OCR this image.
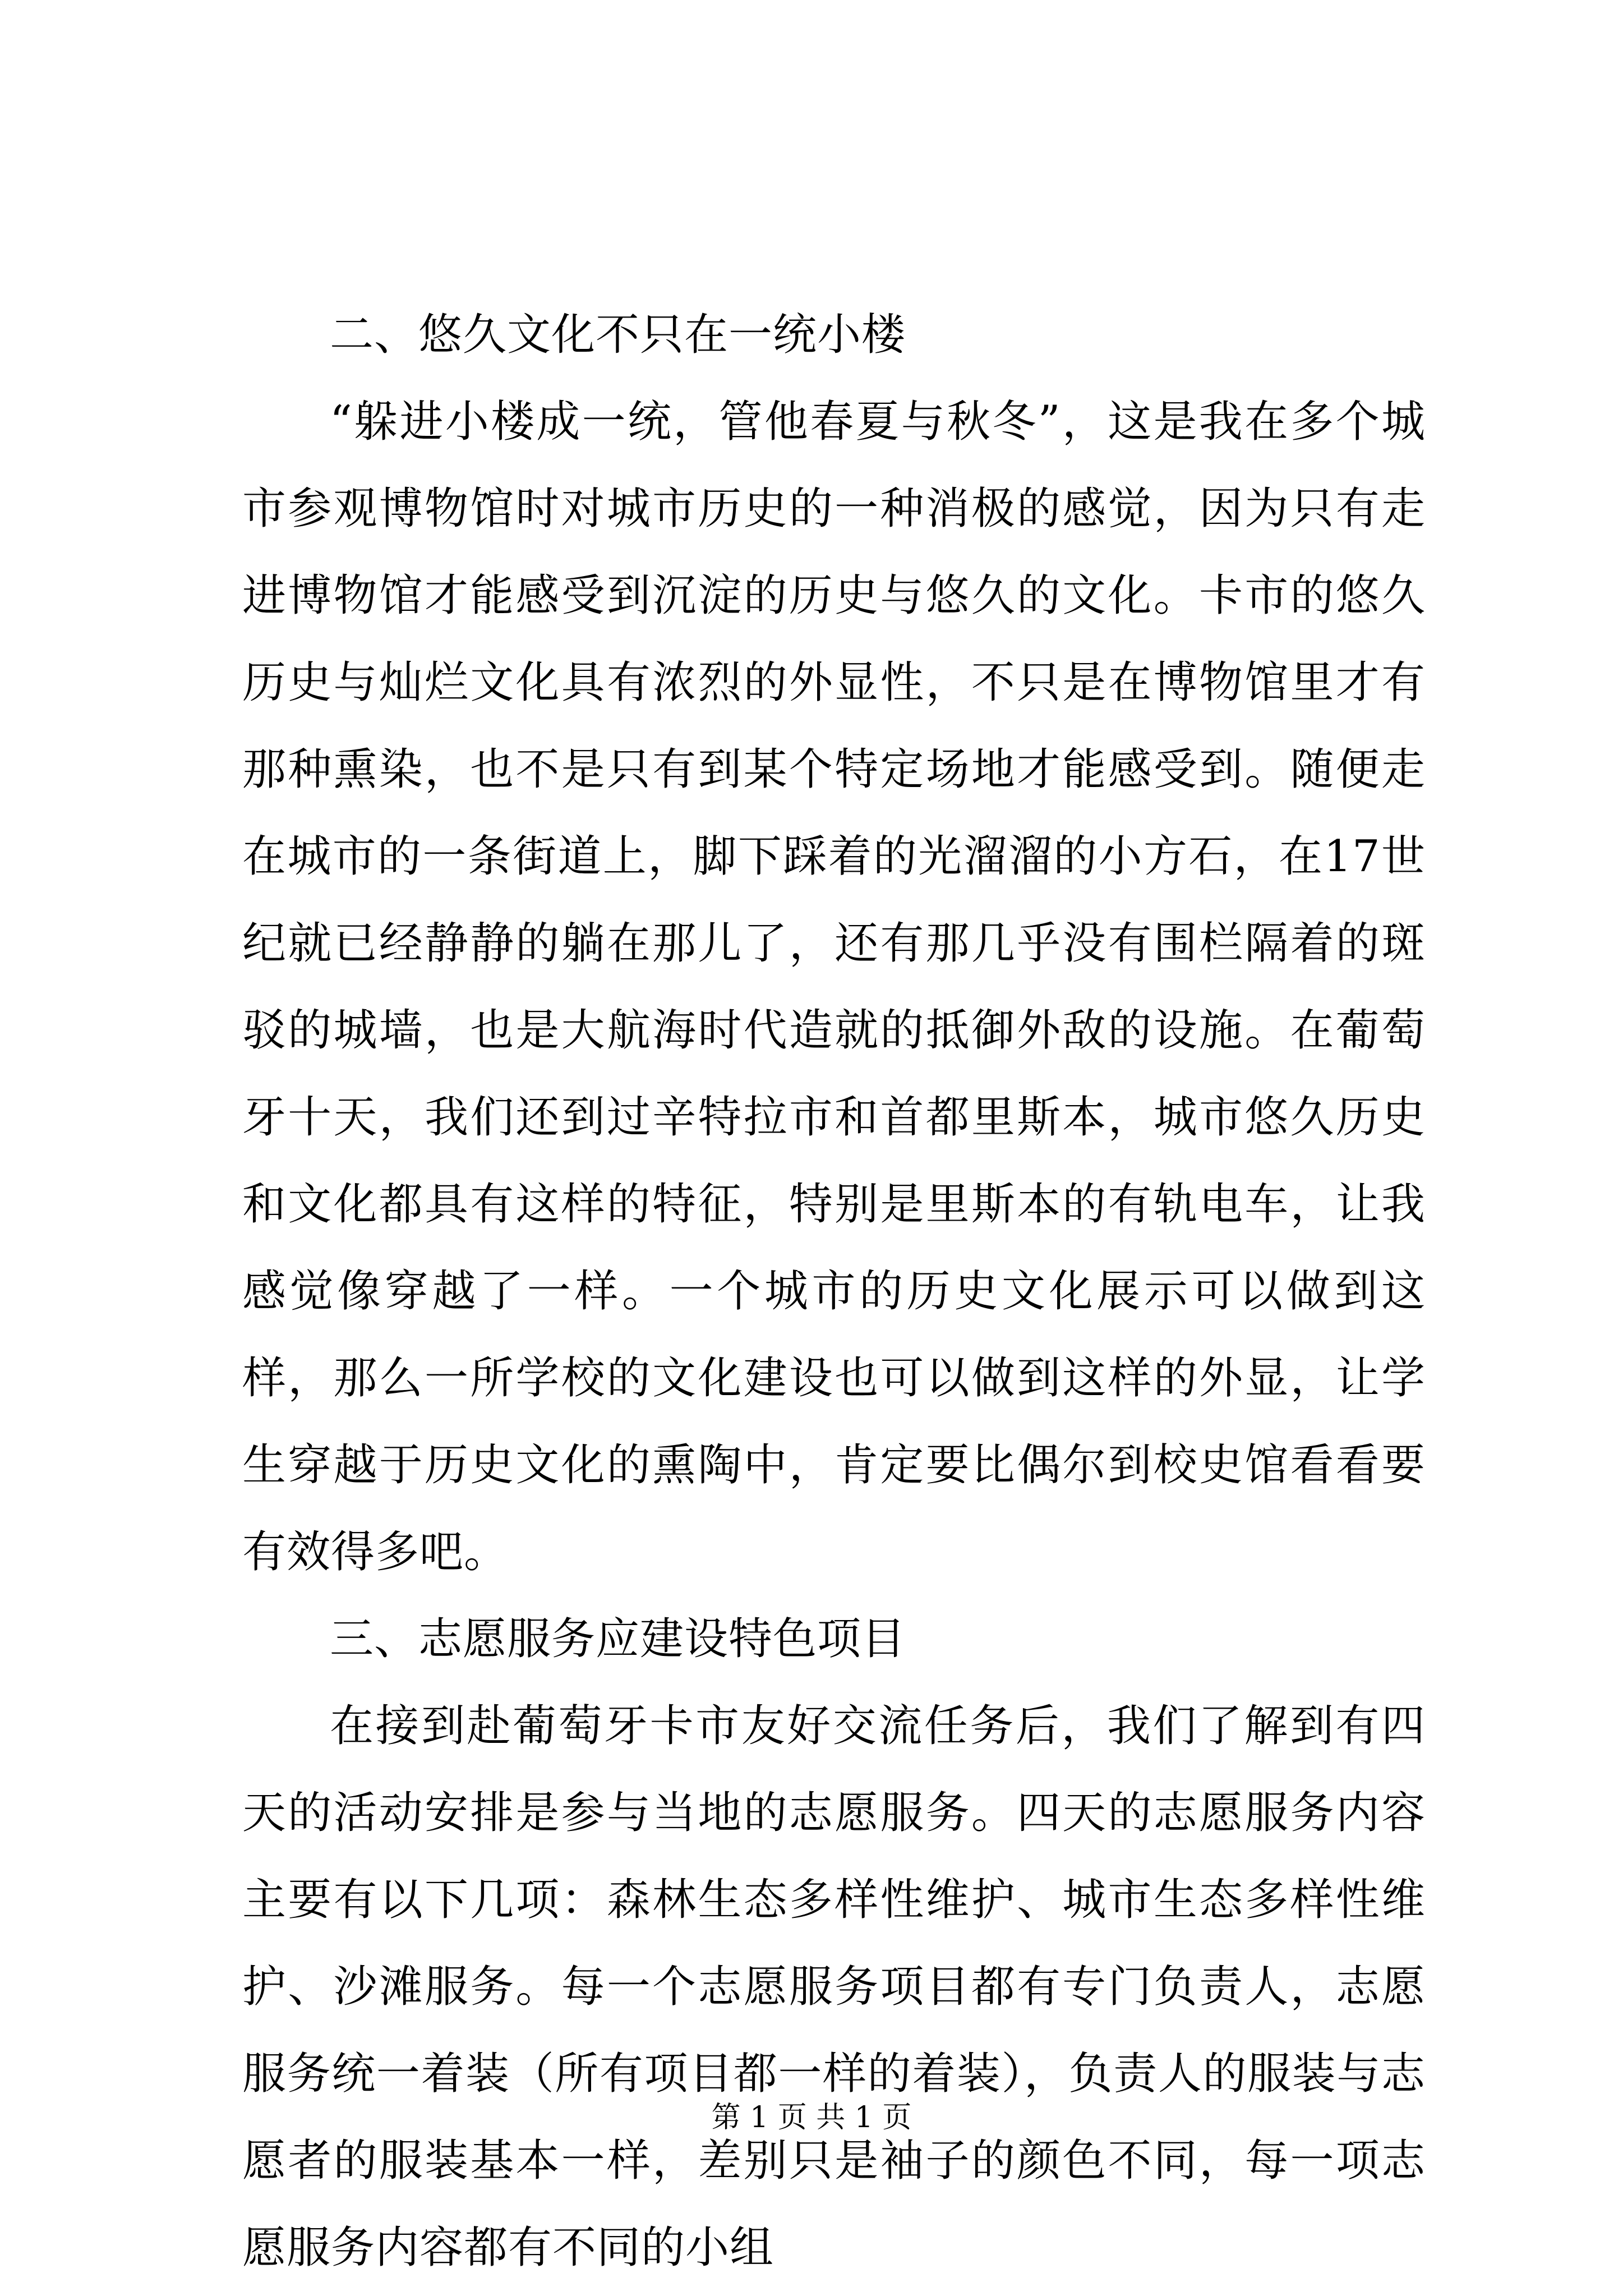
二、悠久文化不只在一统小楼

“躲进小楼成一统，管他春夏与秋冬”，这是我在多个城市参观博物馆时对城市历史的一种消极的感觉，因为只有走进博物馆才能感受到沉淀的历史与悠久的文化。卡市的悠久历史与灿烂文化具有浓烈的外显性，不只是在博物馆里才有那种熏染，也不是只有到某个特定场地才能感受到。随便走在城市的一条街道上，脚下踩着的光溜溜的小方石，在17世纪就已经静静的躺在那儿了，还有那几乎没有围栏隔着的斑驳的城墙，也是大航海时代造就的抵御外敌的设施。在葡萄牙十天，我们还到过辛特拉市和首都里斯本，城市悠久历史和文化都具有这样的特征，特别是里斯本的有轨电车，让我感觉像穿越了一样。一个城市的历史文化展示可以做到这样，那么一所学校的文化建设也可以做到这样的外显，让学生穿越于历史文化的熏陶中，肯定要比偶尔到校史馆看看要有效得多吧。

三、志愿服务应建设特色项目

在接到赴葡萄牙卡市友好交流任务后，我们了解到有四天的活动安排是参与当地的志愿服务。四天的志愿服务内容主要有以下几项：森林生态多样性维护、城市生态多样性维护、沙滩服务。每一个志愿服务项目都有专门负责人，志愿服务统一着装（所有项目都一样的着装），负责人的服装与志愿者的服装基本一样，差别只是袖子的颜色不同，每一项志愿服务内容都有不同的小组

第 1 页 共 1 页
